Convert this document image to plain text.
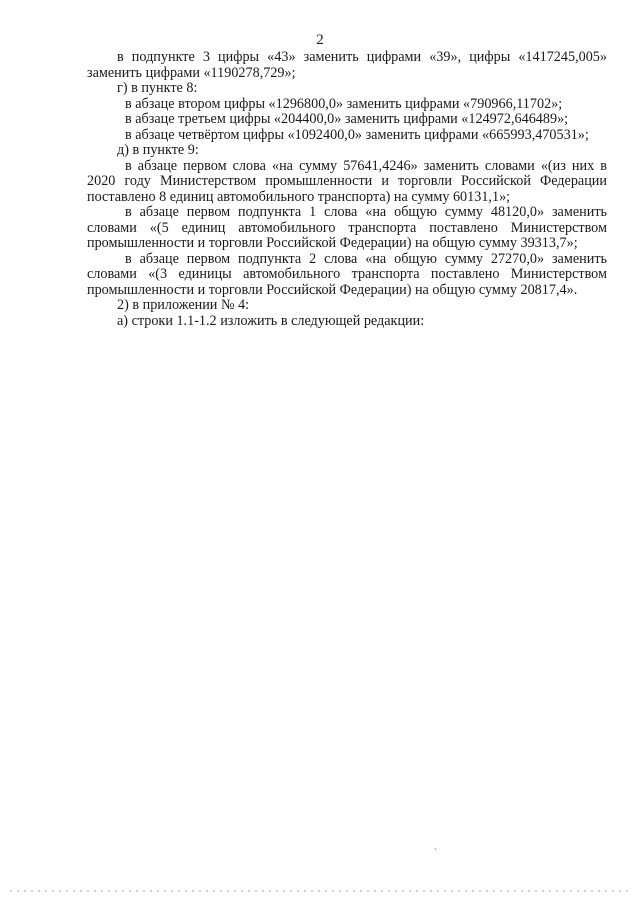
2

в подпункте 3 цифры «43» заменить цифрами «39», цифры «1417245,005» заменить цифрами «1190278,729»;

г) в пункте 8:

в абзаце втором цифры «1296800,0» заменить цифрами «790966,11702»;

в абзаце третьем цифры «204400,0» заменить цифрами «124972,646489»;

в абзаце четвёртом цифры «1092400,0» заменить цифрами «665993,470531»;

д) в пункте 9:

в абзаце первом слова «на сумму 57641,4246» заменить словами «(из них в 2020 году Министерством промышленности и торговли Российской Федерации поставлено 8 единиц автомобильного транспорта) на сумму 60131,1»;

в абзаце первом подпункта 1 слова «на общую сумму 48120,0» заменить словами «(5 единиц автомобильного транспорта поставлено Министерством промышленности и торговли Российской Федерации) на общую сумму 39313,7»;

в абзаце первом подпункта 2 слова «на общую сумму 27270,0» заменить словами «(3 единицы автомобильного транспорта поставлено Министерством промышленности и торговли Российской Федерации) на общую сумму 20817,4».

2) в приложении № 4:

а) строки 1.1-1.2 изложить в следующей редакции:

`
